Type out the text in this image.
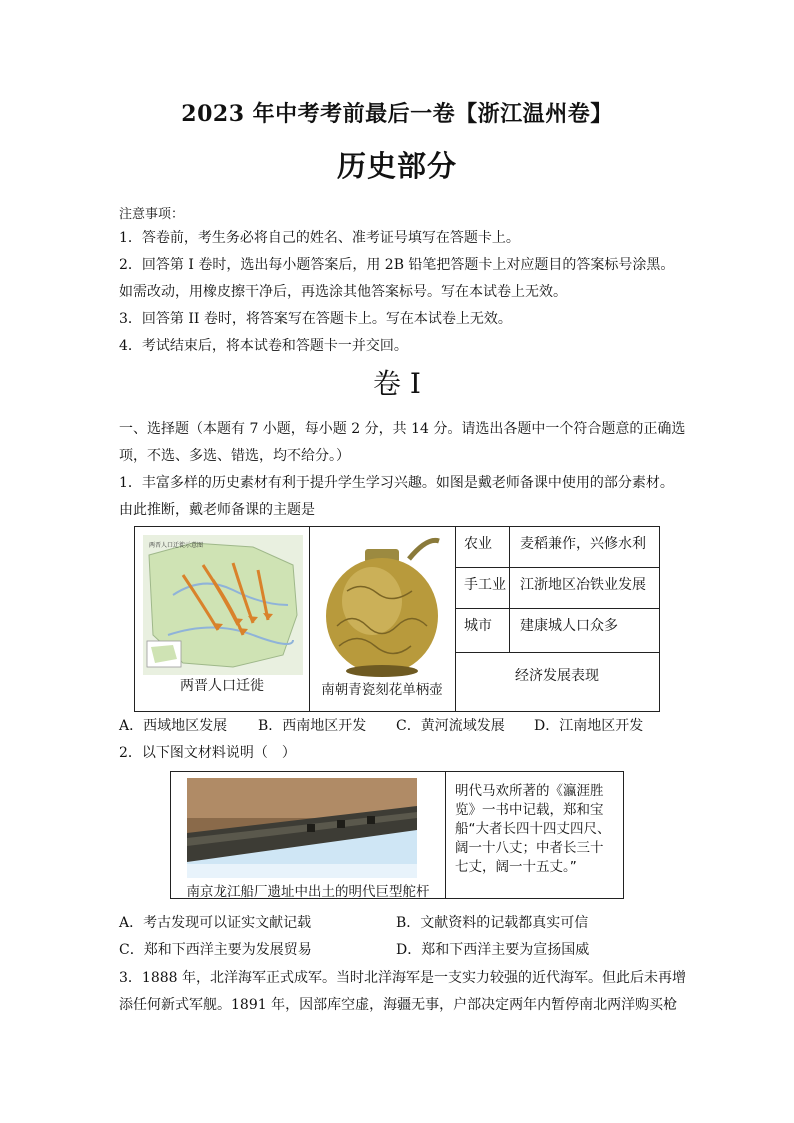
2023 年中考考前最后一卷【浙江温州卷】
历史部分
注意事项：
1．答卷前，考生务必将自己的姓名、准考证号填写在答题卡上。
2．回答第 I 卷时，选出每小题答案后，用 2B 铅笔把答题卡上对应题目的答案标号涂黑。
如需改动，用橡皮擦干净后，再选涂其他答案标号。写在本试卷上无效。
3．回答第 II 卷时，将答案写在答题卡上。写在本试卷上无效。
4．考试结束后，将本试卷和答题卡一并交回。
卷 I
一、选择题（本题有 7 小题，每小题 2 分，共 14 分。请选出各题中一个符合题意的正确选
项，不选、多选、错选，均不给分。）
1．丰富多样的历史素材有利于提升学生学习兴趣。如图是戴老师备课中使用的部分素材。
由此推断，戴老师备课的主题是
两晋人口迁徙示意图
两晋人口迁徙	南朝青瓷刻花单柄壶
农业	麦稻兼作，兴修水利
手工业	江浙地区冶铁业发展
城市	建康城人口众多
经济发展表现
A．西域地区发展 B．西南地区开发 C．黄河流域发展 D．江南地区开发
2．以下图文材料说明（　）
南京龙江船厂遗址中出土的明代巨型舵杆
明代马欢所著的《瀛涯胜
览》一书中记载，郑和宝
船“大者长四十四丈四尺、
阔一十八丈；中者长三十
七丈，阔一十五丈。”
A．考古发现可以证实文献记载	B．文献资料的记载都真实可信
C．郑和下西洋主要为发展贸易	D．郑和下西洋主要为宣扬国威
3．1888 年，北洋海军正式成军。当时北洋海军是一支实力较强的近代海军。但此后未再增
添任何新式军舰。1891 年，因部库空虚，海疆无事，户部决定两年内暂停南北两洋购买枪
